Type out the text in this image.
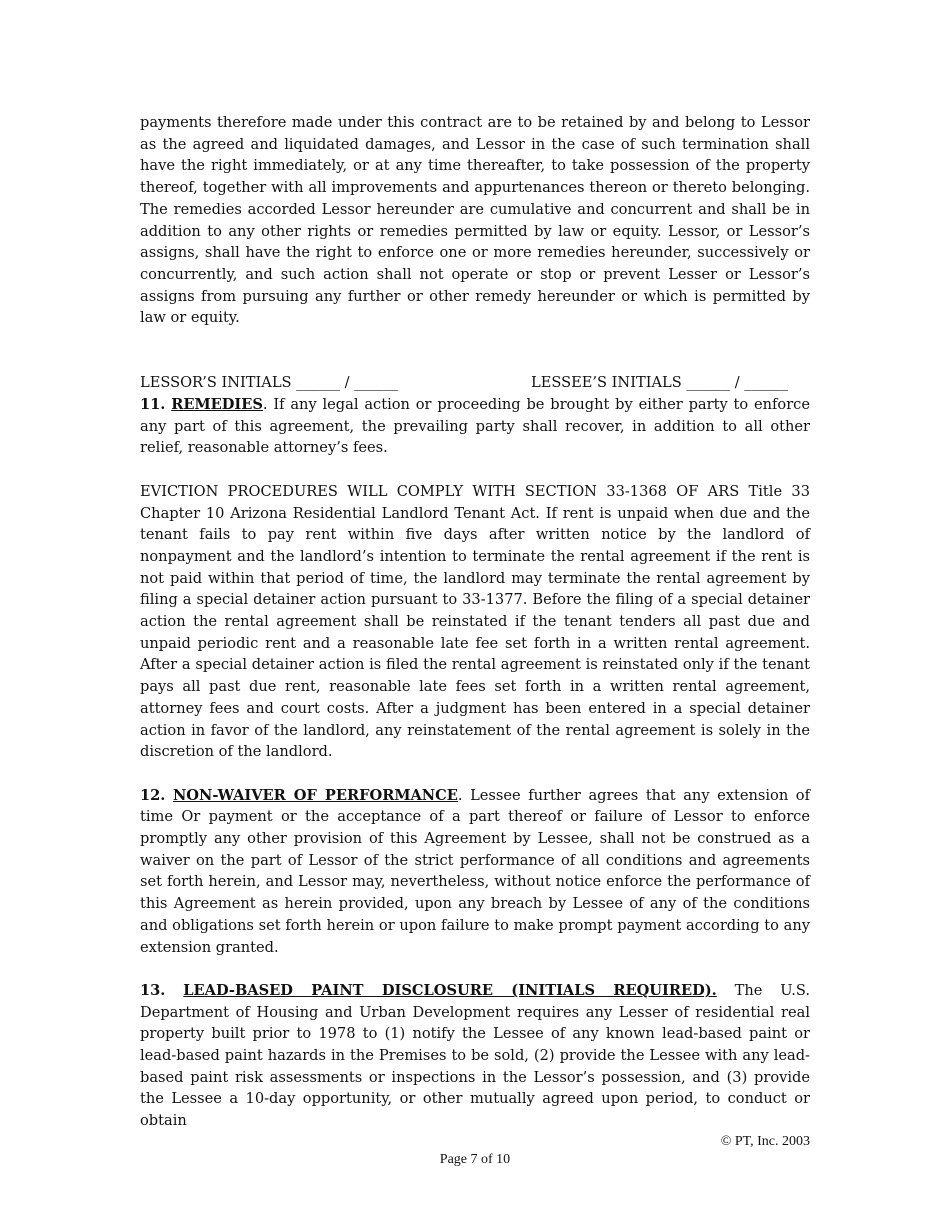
payments therefore made under this contract are to be retained by and belong to Lessor as the agreed and liquidated damages, and Lessor in the case of such termination shall have the right immediately, or at any time thereafter, to take possession of the property thereof, together with all improvements and appurtenances thereon or thereto belonging. The remedies accorded Lessor hereunder are cumulative and concurrent and shall be in addition to any other rights or remedies permitted by law or equity. Lessor, or Lessor’s assigns, shall have the right to enforce one or more remedies hereunder, successively or concurrently, and such action shall not operate or stop or prevent Lesser or Lessor’s assigns from pursuing any further or other remedy hereunder or which is permitted by law or equity.

LESSOR’S INITIALS ______ / ______	LESSEE’S INITIALS ______ / ______

11. REMEDIES. If any legal action or proceeding be brought by either party to enforce any part of this agreement, the prevailing party shall recover, in addition to all other relief, reasonable attorney’s fees.

EVICTION PROCEDURES WILL COMPLY WITH SECTION 33-1368 OF ARS Title 33 Chapter 10 Arizona Residential Landlord Tenant Act. If rent is unpaid when due and the tenant fails to pay rent within five days after written notice by the landlord of nonpayment and the landlord’s intention to terminate the rental agreement if the rent is not paid within that period of time, the landlord may terminate the rental agreement by filing a special detainer action pursuant to 33-1377. Before the filing of a special detainer action the rental agreement shall be reinstated if the tenant tenders all past due and unpaid periodic rent and a reasonable late fee set forth in a written rental agreement. After a special detainer action is filed the rental agreement is reinstated only if the tenant pays all past due rent, reasonable late fees set forth in a written rental agreement, attorney fees and court costs. After a judgment has been entered in a special detainer action in favor of the landlord, any reinstatement of the rental agreement is solely in the discretion of the landlord.

12. NON-WAIVER OF PERFORMANCE. Lessee further agrees that any extension of time Or payment or the acceptance of a part thereof or failure of Lessor to enforce promptly any other provision of this Agreement by Lessee, shall not be construed as a waiver on the part of Lessor of the strict performance of all conditions and agreements set forth herein, and Lessor may, nevertheless, without notice enforce the performance of this Agreement as herein provided, upon any breach by Lessee of any of the conditions and obligations set forth herein or upon failure to make prompt payment according to any extension granted.

13. LEAD-BASED PAINT DISCLOSURE (INITIALS REQUIRED). The U.S. Department of Housing and Urban Development requires any Lesser of residential real property built prior to 1978 to (1) notify the Lessee of any known lead-based paint or lead-based paint hazards in the Premises to be sold, (2) provide the Lessee with any lead-based paint risk assessments or inspections in the Lessor’s possession, and (3) provide the Lessee a 10-day opportunity, or other mutually agreed upon period, to conduct or obtain

© PT, Inc. 2003
Page 7 of 10
